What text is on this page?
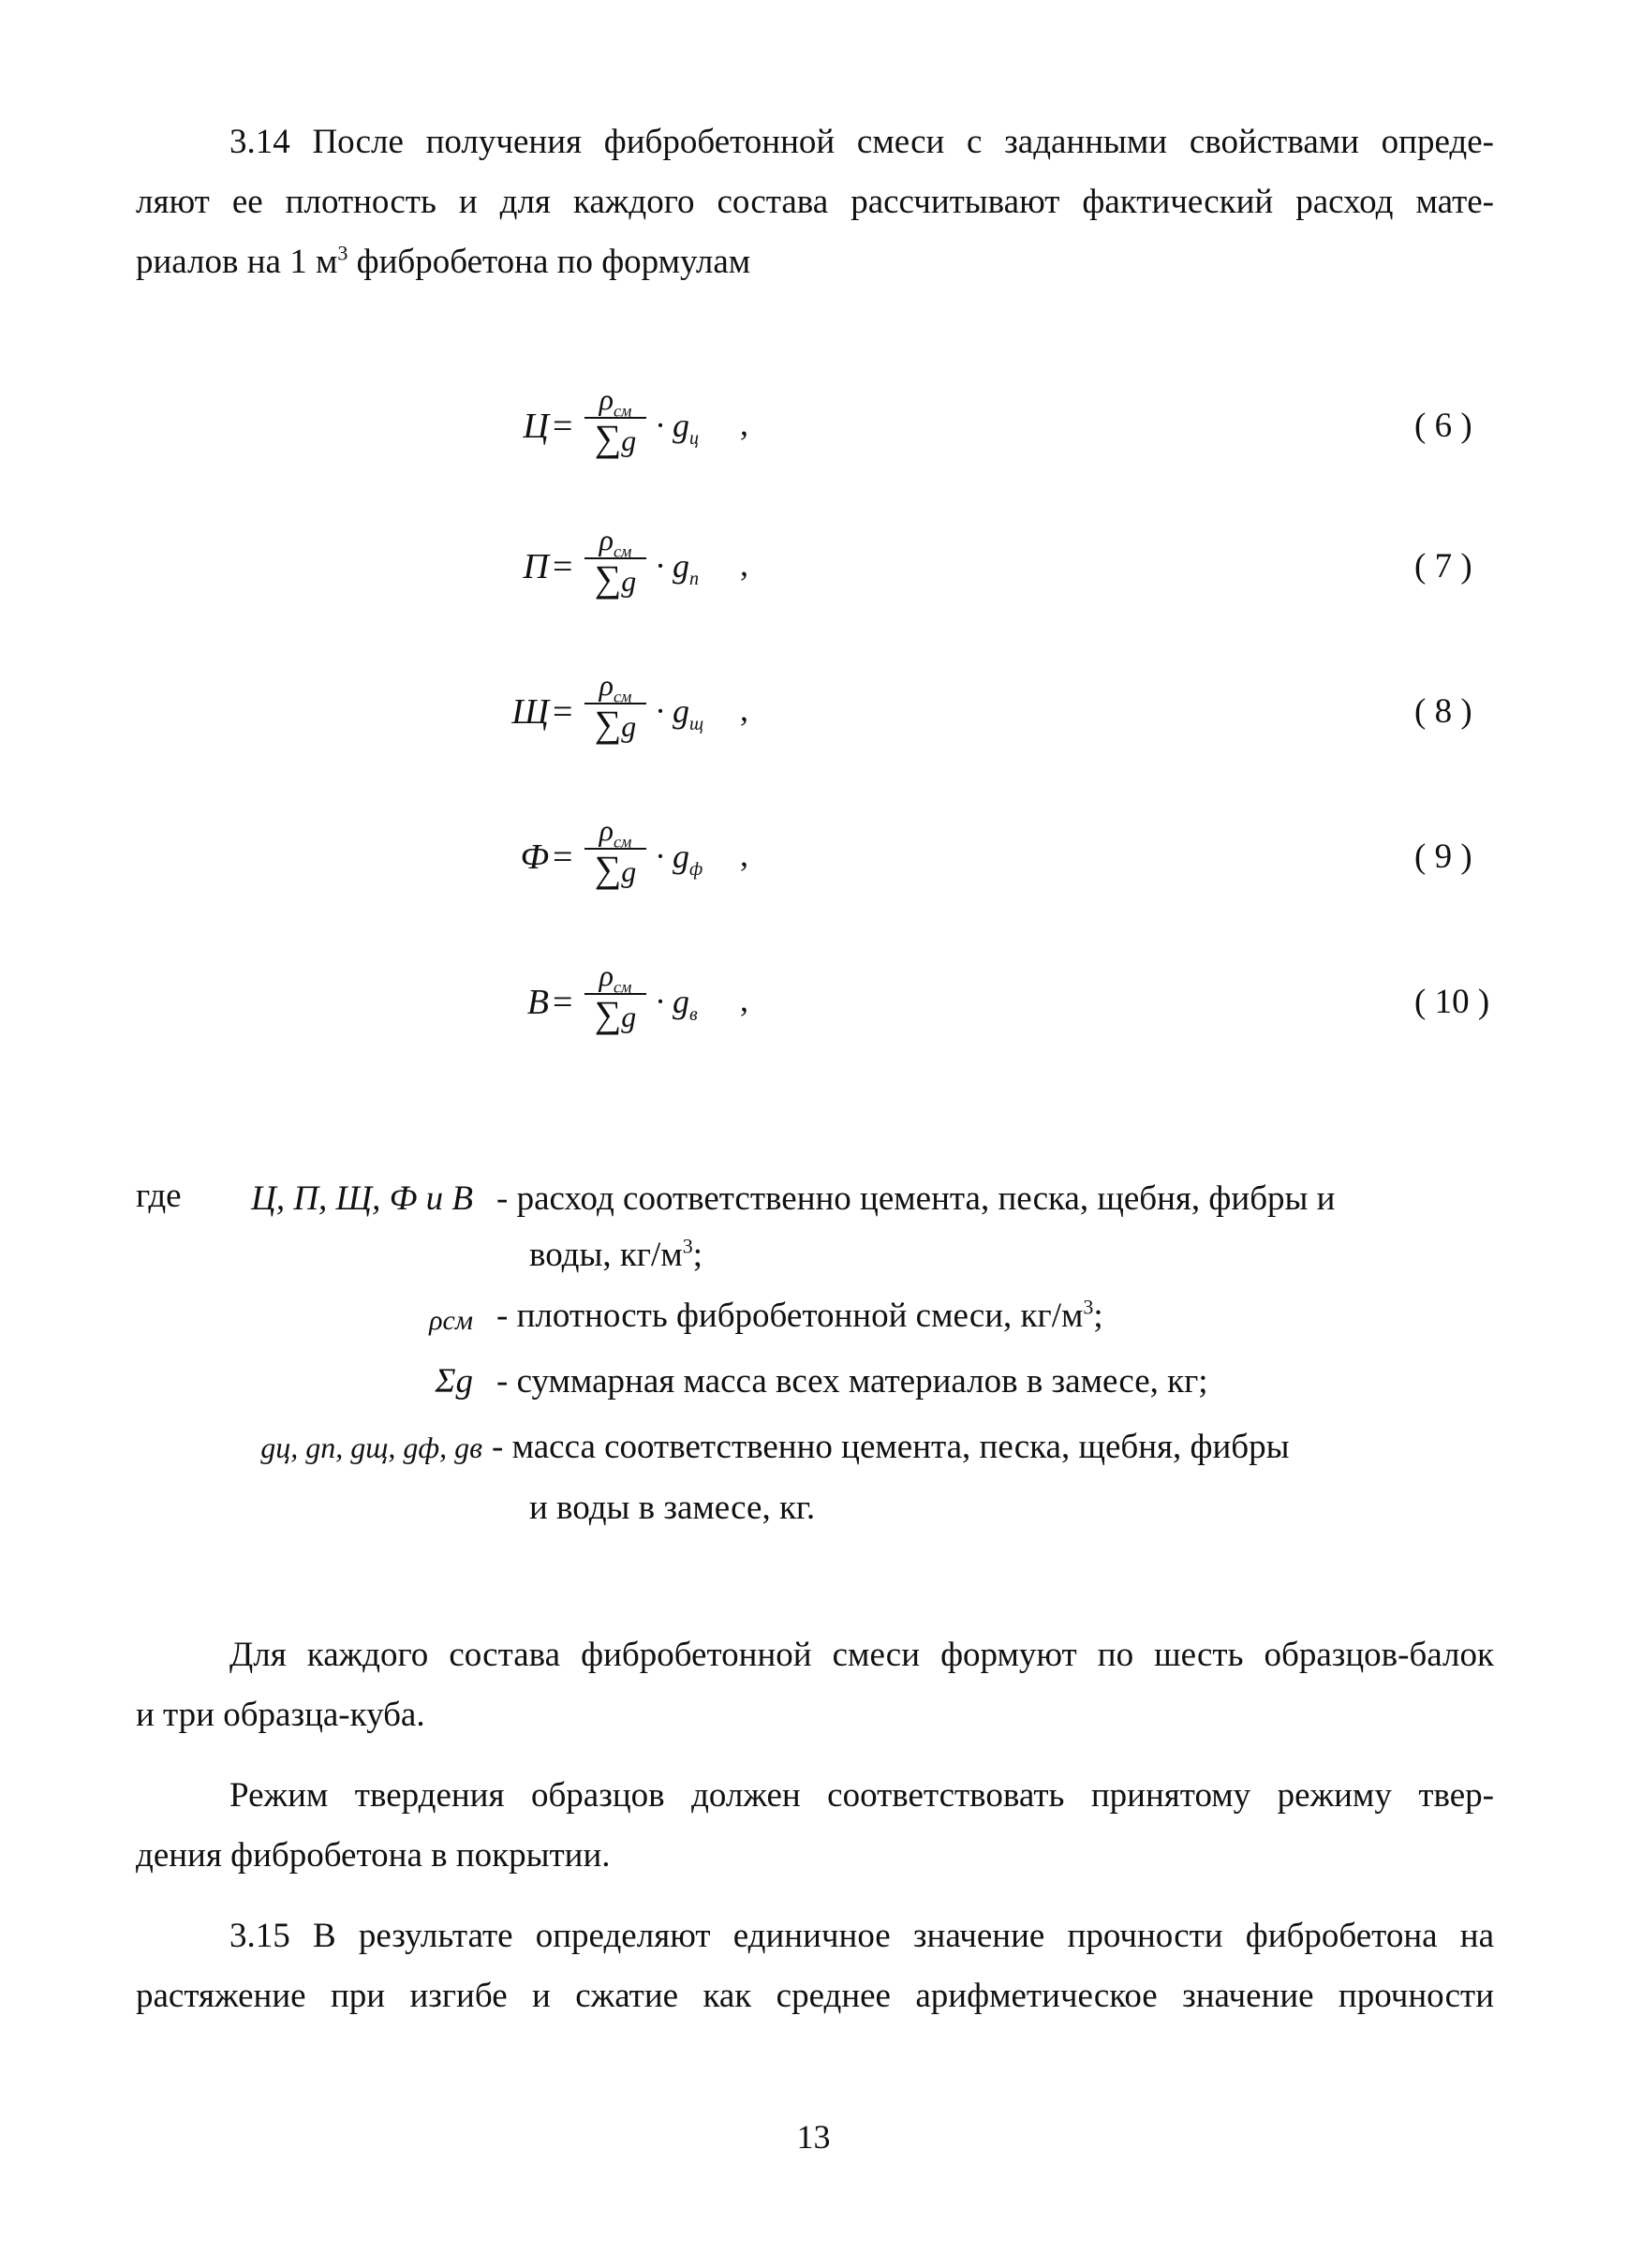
3.14 После получения фибробетонной смеси с заданными свойствами опреде-
ляют ее плотность и для каждого состава рассчитывают фактический расход мате-
риалов на 1 $м^3$ фибробетона по формулам
Ц =
$\rho_{см}$
$\sum g \cdot g_ц$ ,	( 6 )
П =
$\rho_{см}$
$\sum g \cdot g_п$ ,	( 7 )
Щ =
$\rho_{см}$
$\sum g \cdot g_щ$ ,	( 8 )
Ф =
$\rho_{см}$
$\sum g \cdot g_ф$ ,	( 9 )
В =
$\rho_{см}$
$\sum g \cdot g_в$ ,	( 10 )
где	Ц, П, Щ, Ф и В - расход соответственно цемента, песка, щебня, фибры и
воды, $кг/м^3$;
ρсм - плотность фибробетонной смеси, $кг/м^3$;
Σg - суммарная масса всех материалов в замесе, кг;
gц, gп, gщ, gф, gв - масса соответственно цемента, песка, щебня, фибры
и воды в замесе, кг.
Для каждого состава фибробетонной смеси формуют по шесть образцов-балок
и три образца-куба.
Режим твердения образцов должен соответствовать принятому режиму твер-
дения фибробетона в покрытии.
3.15 В результате определяют единичное значение прочности фибробетона на
растяжение при изгибе и сжатие как среднее арифметическое значение прочности
13
